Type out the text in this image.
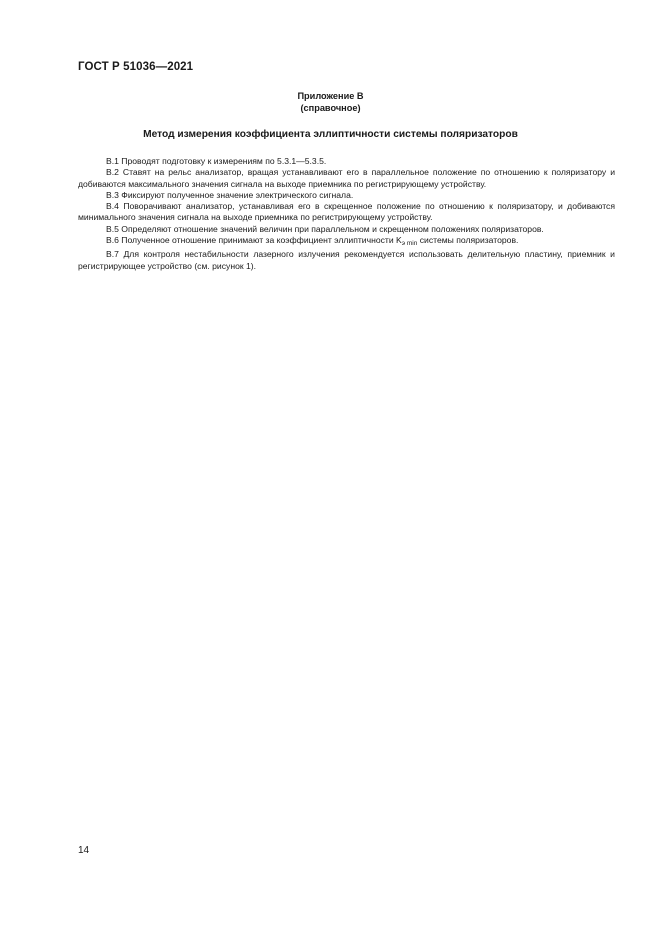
ГОСТ Р 51036—2021
Приложение В
(справочное)
Метод измерения коэффициента эллиптичности системы поляризаторов

В.1 Проводят подготовку к измерениям по 5.3.1—5.3.5.

В.2 Ставят на рельс анализатор, вращая устанавливают его в параллельное положение по отношению к поляризатору и добиваются максимального значения сигнала на выходе приемника по регистрирующему устройству.

В.3 Фиксируют полученное значение электрического сигнала.

В.4 Поворачивают анализатор, устанавливая его в скрещенное положение по отношению к поляризатору, и добиваются минимального значения сигнала на выходе приемника по регистрирующему устройству.

В.5 Определяют отношение значений величин при параллельном и скрещенном положениях поляризаторов.

В.6 Полученное отношение принимают за коэффициент эллиптичности $K_{э min}$ системы поляризаторов.

В.7 Для контроля нестабильности лазерного излучения рекомендуется использовать делительную пластину, приемник и регистрирующее устройство (см. рисунок 1).

14
